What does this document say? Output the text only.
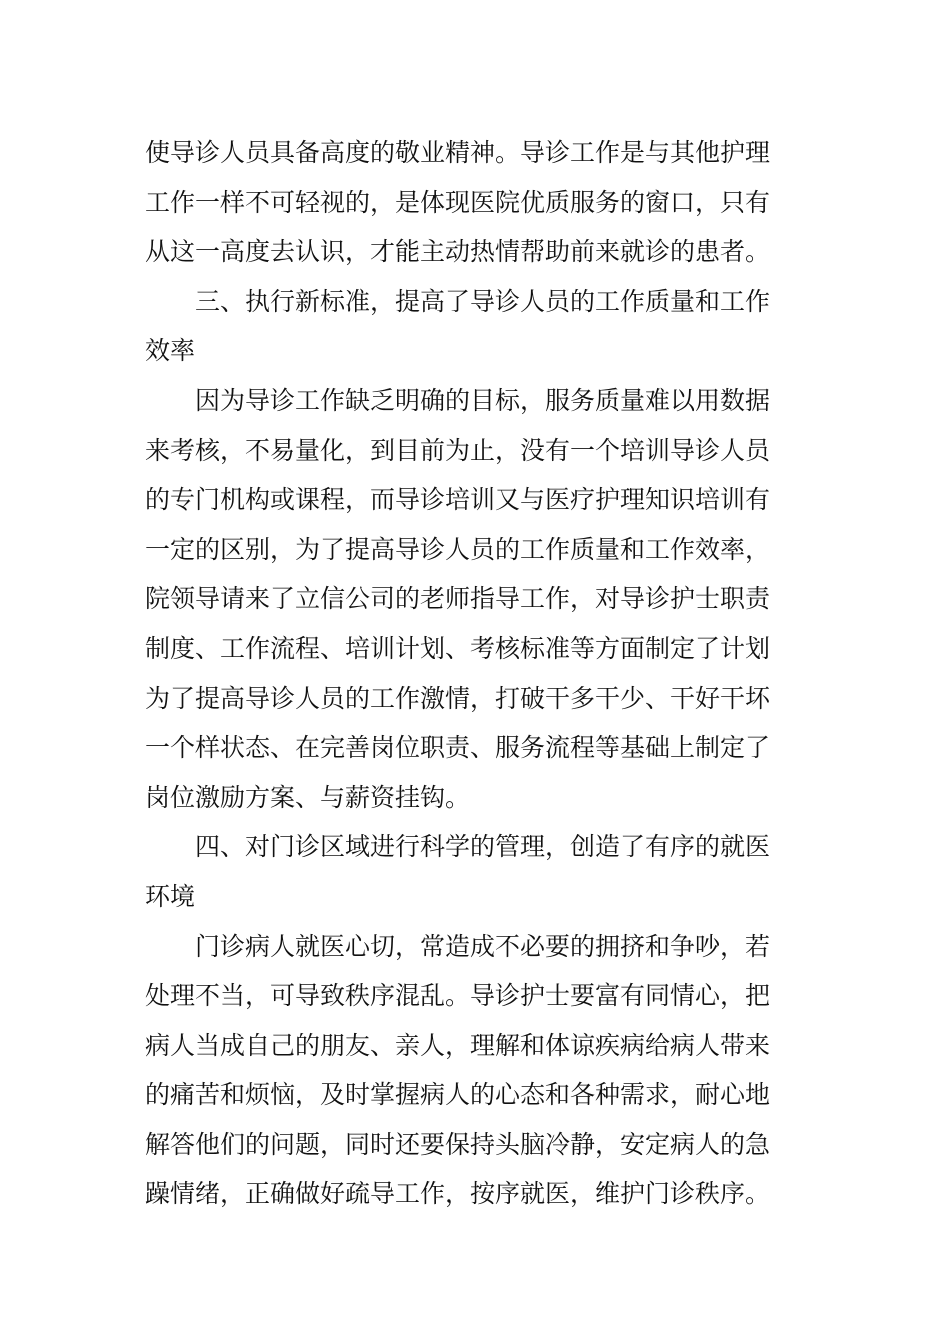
使导诊人员具备高度的敬业精神。导诊工作是与其他护理
工作一样不可轻视的，是体现医院优质服务的窗口，只有
从这一高度去认识，才能主动热情帮助前来就诊的患者。
三、执行新标准，提高了导诊人员的工作质量和工作
效率
因为导诊工作缺乏明确的目标，服务质量难以用数据
来考核，不易量化，到目前为止，没有一个培训导诊人员
的专门机构或课程，而导诊培训又与医疗护理知识培训有
一定的区别，为了提高导诊人员的工作质量和工作效率，
院领导请来了立信公司的老师指导工作，对导诊护士职责
制度、工作流程、培训计划、考核标准等方面制定了计划
为了提高导诊人员的工作激情，打破干多干少、干好干坏
一个样状态、在完善岗位职责、服务流程等基础上制定了
岗位激励方案、与薪资挂钩。
四、对门诊区域进行科学的管理，创造了有序的就医
环境
门诊病人就医心切，常造成不必要的拥挤和争吵，若
处理不当，可导致秩序混乱。导诊护士要富有同情心，把
病人当成自己的朋友、亲人，理解和体谅疾病给病人带来
的痛苦和烦恼，及时掌握病人的心态和各种需求，耐心地
解答他们的问题，同时还要保持头脑冷静，安定病人的急
躁情绪，正确做好疏导工作，按序就医，维护门诊秩序。
